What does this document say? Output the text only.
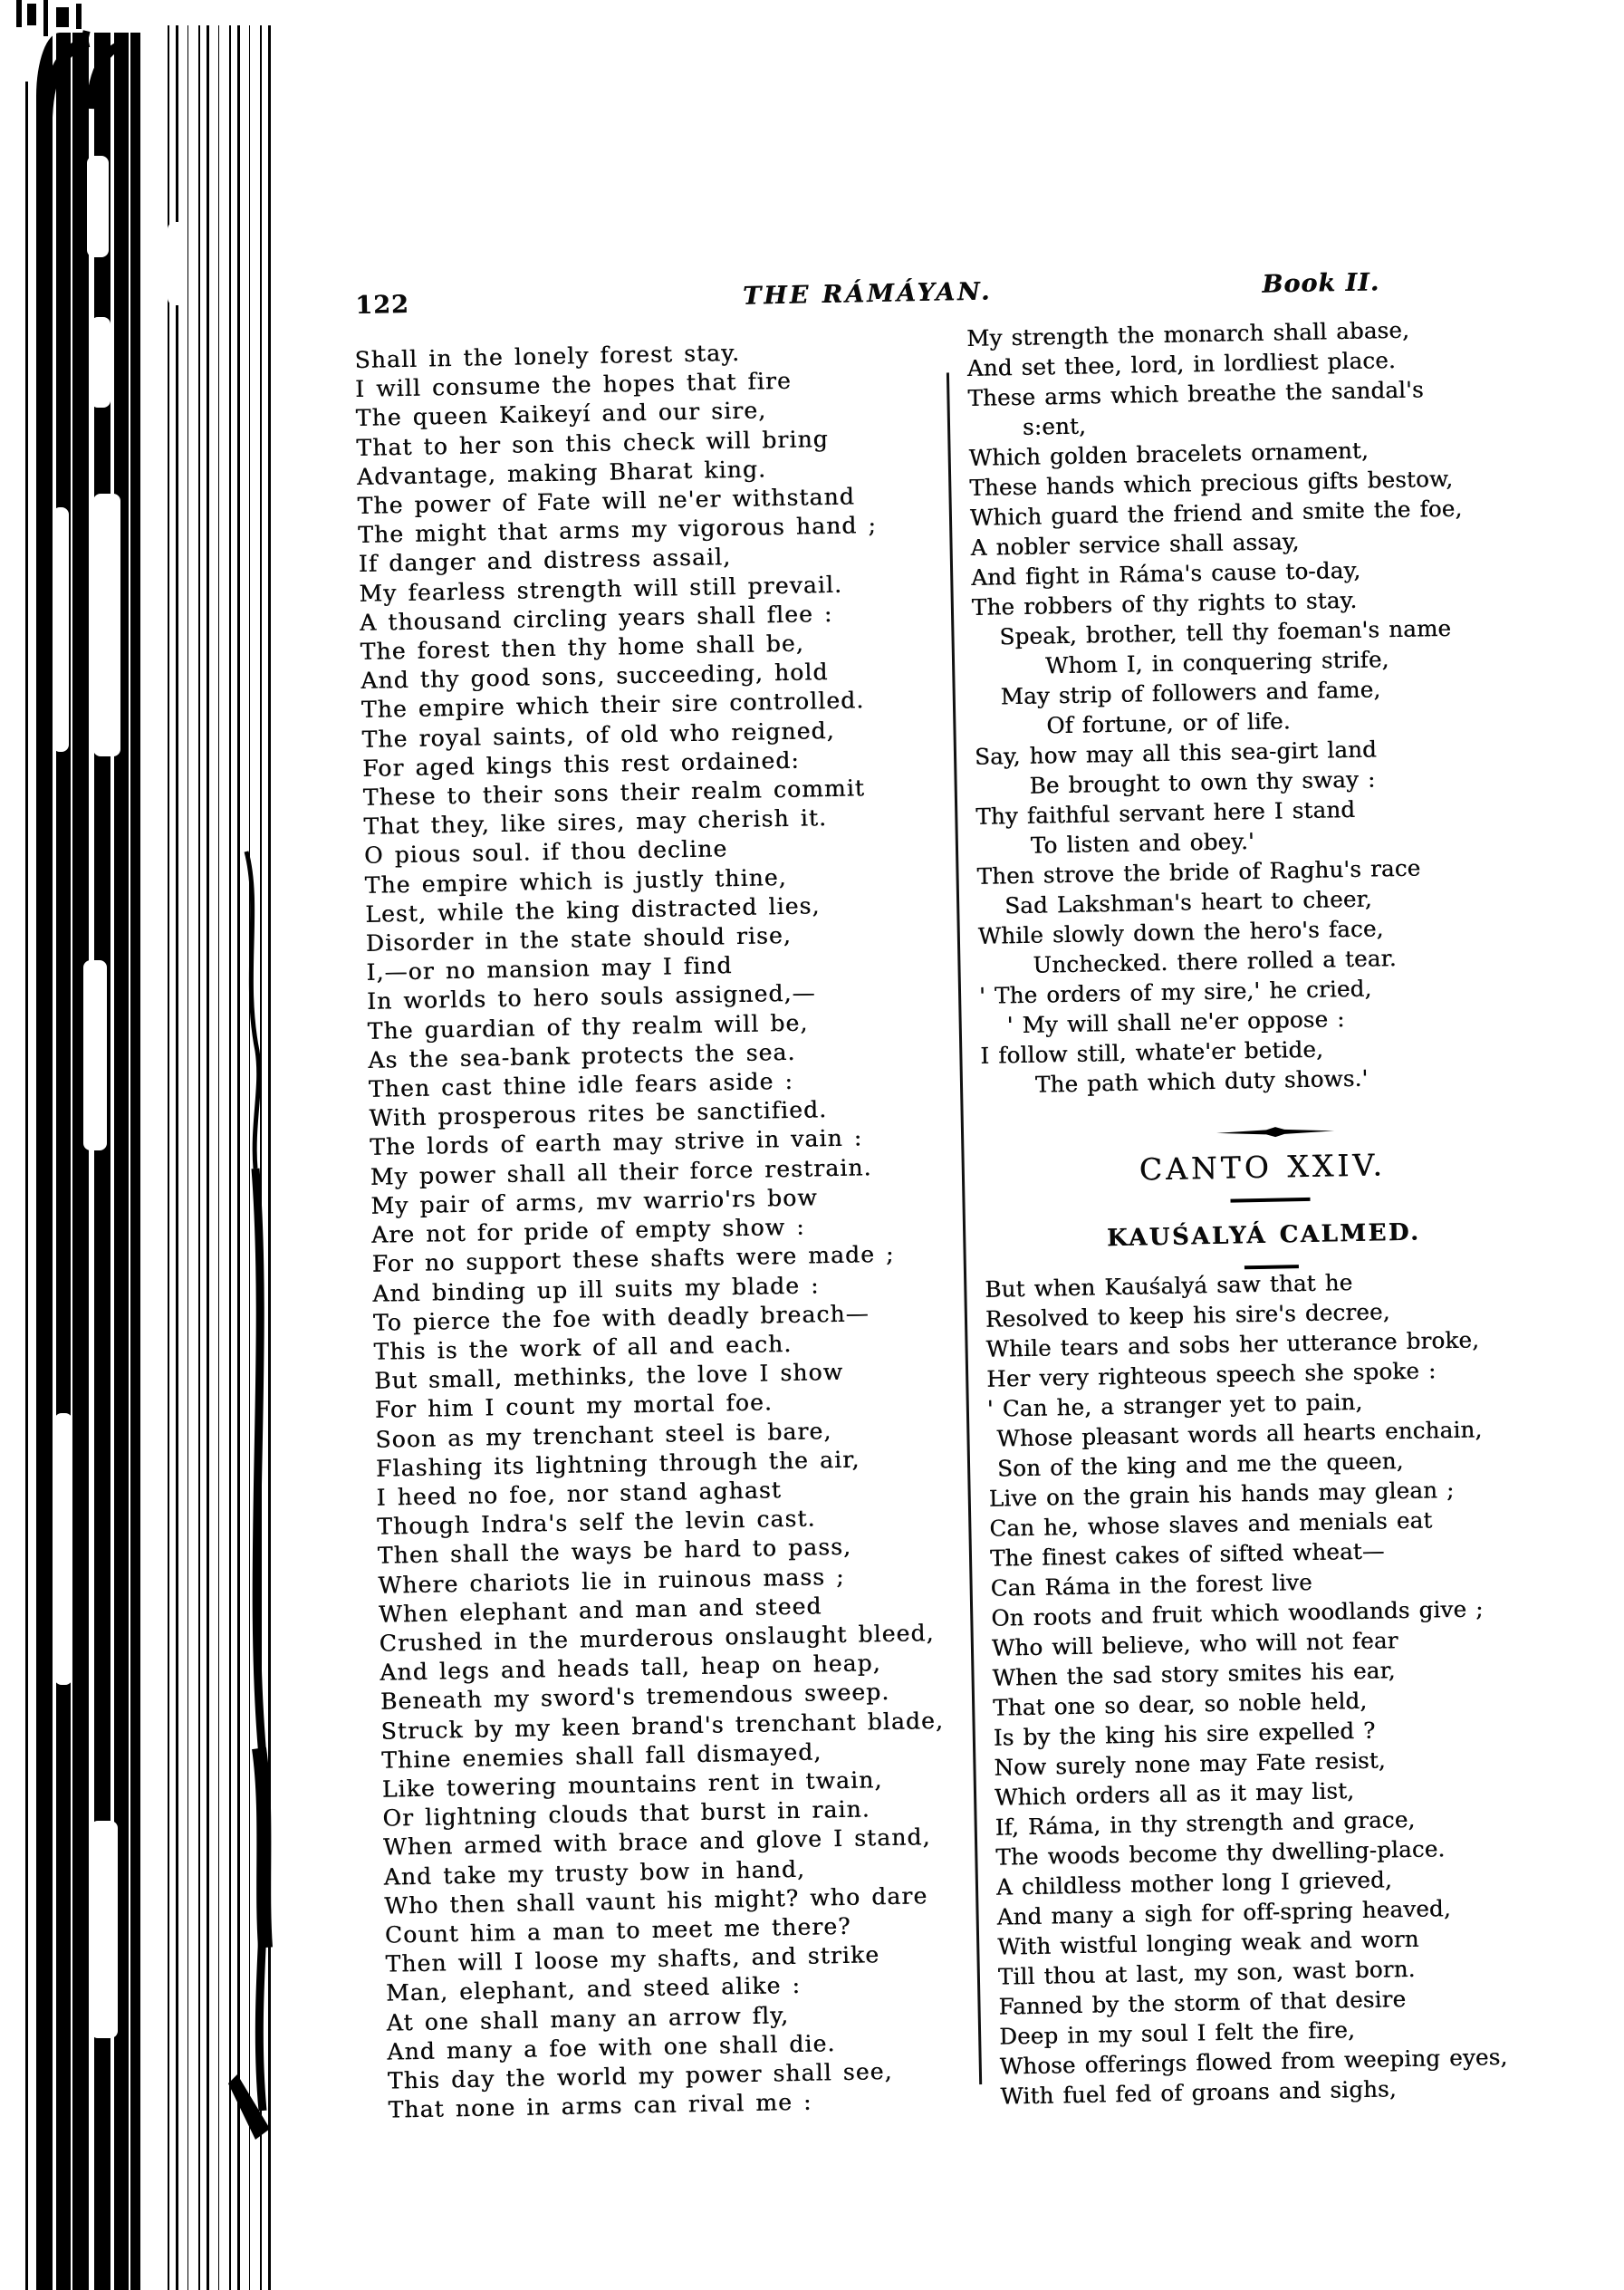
122	THE RÁMÁYAN.	Book II.
Shall in the lonely forest stay.
I will consume the hopes that fire
The queen Kaikeyí and our sire,
That to her son this check will bring
Advantage, making Bharat king.
The power of Fate will ne'er withstand
The might that arms my vigorous hand ;
If danger and distress assail,
My fearless strength will still prevail.
A thousand circling years shall flee :
The forest then thy home shall be,
And thy good sons, succeeding, hold
The empire which their sire controlled.
The royal saints, of old who reigned,
For aged kings this rest ordained:
These to their sons their realm commit
That they, like sires, may cherish it.
O pious soul. if thou decline
The empire which is justly thine,
Lest, while the king distracted lies,
Disorder in the state should rise,
I,—or no mansion may I find
In worlds to hero souls assigned,—
The guardian of thy realm will be,
As the sea-bank protects the sea.
Then cast thine idle fears aside :
With prosperous rites be sanctified.
The lords of earth may strive in vain :
My power shall all their force restrain.
My pair of arms, mv warrio'rs bow
Are not for pride of empty show :
For no support these shafts were made ;
And binding up ill suits my blade :
To pierce the foe with deadly breach—
This is the work of all and each.
But small, methinks, the love I show
For him I count my mortal foe.
Soon as my trenchant steel is bare,
Flashing its lightning through the air,
I heed no foe, nor stand aghast
Though Indra's self the levin cast.
Then shall the ways be hard to pass,
Where chariots lie in ruinous mass ;
When elephant and man and steed
Crushed in the murderous onslaught bleed,
And legs and heads tall, heap on heap,
Beneath my sword's tremendous sweep.
Struck by my keen brand's trenchant blade,
Thine enemies shall fall dismayed,
Like towering mountains rent in twain,
Or lightning clouds that burst in rain.
When armed with brace and glove I stand,
And take my trusty bow in hand,
Who then shall vaunt his might? who dare
Count him a man to meet me there?
Then will I loose my shafts, and strike
Man, elephant, and steed alike :
At one shall many an arrow fly,
And many a foe with one shall die.
This day the world my power shall see,
That none in arms can rival me :
My strength the monarch shall abase,
And set thee, lord, in lordliest place.
These arms which breathe the sandal's
s:ent,
Which golden bracelets ornament,
These hands which precious gifts bestow,
Which guard the friend and smite the foe,
A nobler service shall assay,
And fight in Ráma's cause to-day,
The robbers of thy rights to stay.
Speak, brother, tell thy foeman's name
Whom I, in conquering strife,
May strip of followers and fame,
Of fortune, or of life.
Say, how may all this sea-girt land
Be brought to own thy sway :
Thy faithful servant here I stand
To listen and obey.'
Then strove the bride of Raghu's race
Sad Lakshman's heart to cheer,
While slowly down the hero's face,
Unchecked. there rolled a tear.
' The orders of my sire,' he cried,
' My will shall ne'er oppose :
I follow still, whate'er betide,
The path which duty shows.'
CANTO XXIV.
KAUŚALYÁ CALMED.
But when Kauśalyá saw that he
Resolved to keep his sire's decree,
While tears and sobs her utterance broke,
Her very righteous speech she spoke :
' Can he, a stranger yet to pain,
Whose pleasant words all hearts enchain,
Son of the king and me the queen,
Live on the grain his hands may glean ;
Can he, whose slaves and menials eat
The finest cakes of sifted wheat—
Can Ráma in the forest live
On roots and fruit which woodlands give ;
Who will believe, who will not fear
When the sad story smites his ear,
That one so dear, so noble held,
Is by the king his sire expelled ?
Now surely none may Fate resist,
Which orders all as it may list,
If, Ráma, in thy strength and grace,
The woods become thy dwelling-place.
A childless mother long I grieved,
And many a sigh for off-spring heaved,
With wistful longing weak and worn
Till thou at last, my son, wast born.
Fanned by the storm of that desire
Deep in my soul I felt the fire,
Whose offerings flowed from weeping eyes,
With fuel fed of groans and sighs,
